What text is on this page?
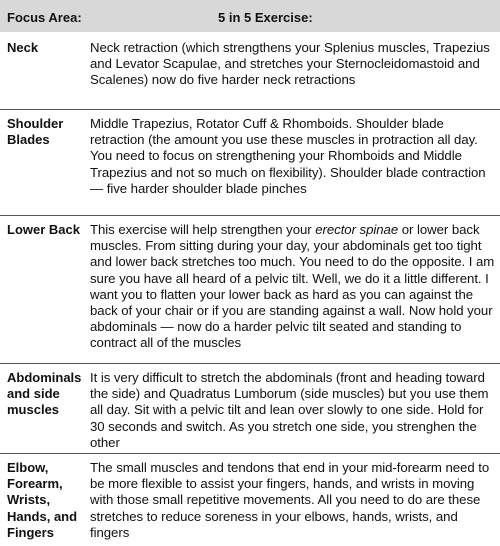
Focus Area:	5 in 5 Exercise:
Neck	Neck retraction (which strengthens your Splenius muscles, Trapezius and Levator Scapulae, and stretches your Sternocleidomastoid and Scalenes) now do five harder neck retractions
Shoulder Blades
Middle Trapezius, Rotator Cuff & Rhomboids. Shoulder blade retraction (the amount you use these muscles in protraction all day. You need to focus on strengthening your Rhomboids and Middle Trapezius and not so much on flexibility). Shoulder blade contraction — five harder shoulder blade pinches
Lower Back This exercise will help strengthen your erector spinae or lower back muscles. From sitting during your day, your abdominals get too tight and lower back stretches too much. You need to do the opposite. I am sure you have all heard of a pelvic tilt. Well, we do it a little different. I want you to flatten your lower back as hard as you can against the back of your chair or if you are standing against a wall. Now hold your abdominals — now do a harder pelvic tilt seated and standing to contract all of the muscles
Abdominals and side muscles
It is very difficult to stretch the abdominals (front and heading toward the side) and Quadratus Lumborum (side muscles) but you use them all day. Sit with a pelvic tilt and lean over slowly to one side. Hold for 30 seconds and switch. As you stretch one side, you strenghen the other
Elbow, Forearm, Wrists, Hands, and Fingers
The small muscles and tendons that end in your mid-forearm need to be more flexible to assist your fingers, hands, and wrists in moving with those small repetitive movements. All you need to do are these stretches to reduce soreness in your elbows, hands, wrists, and fingers
